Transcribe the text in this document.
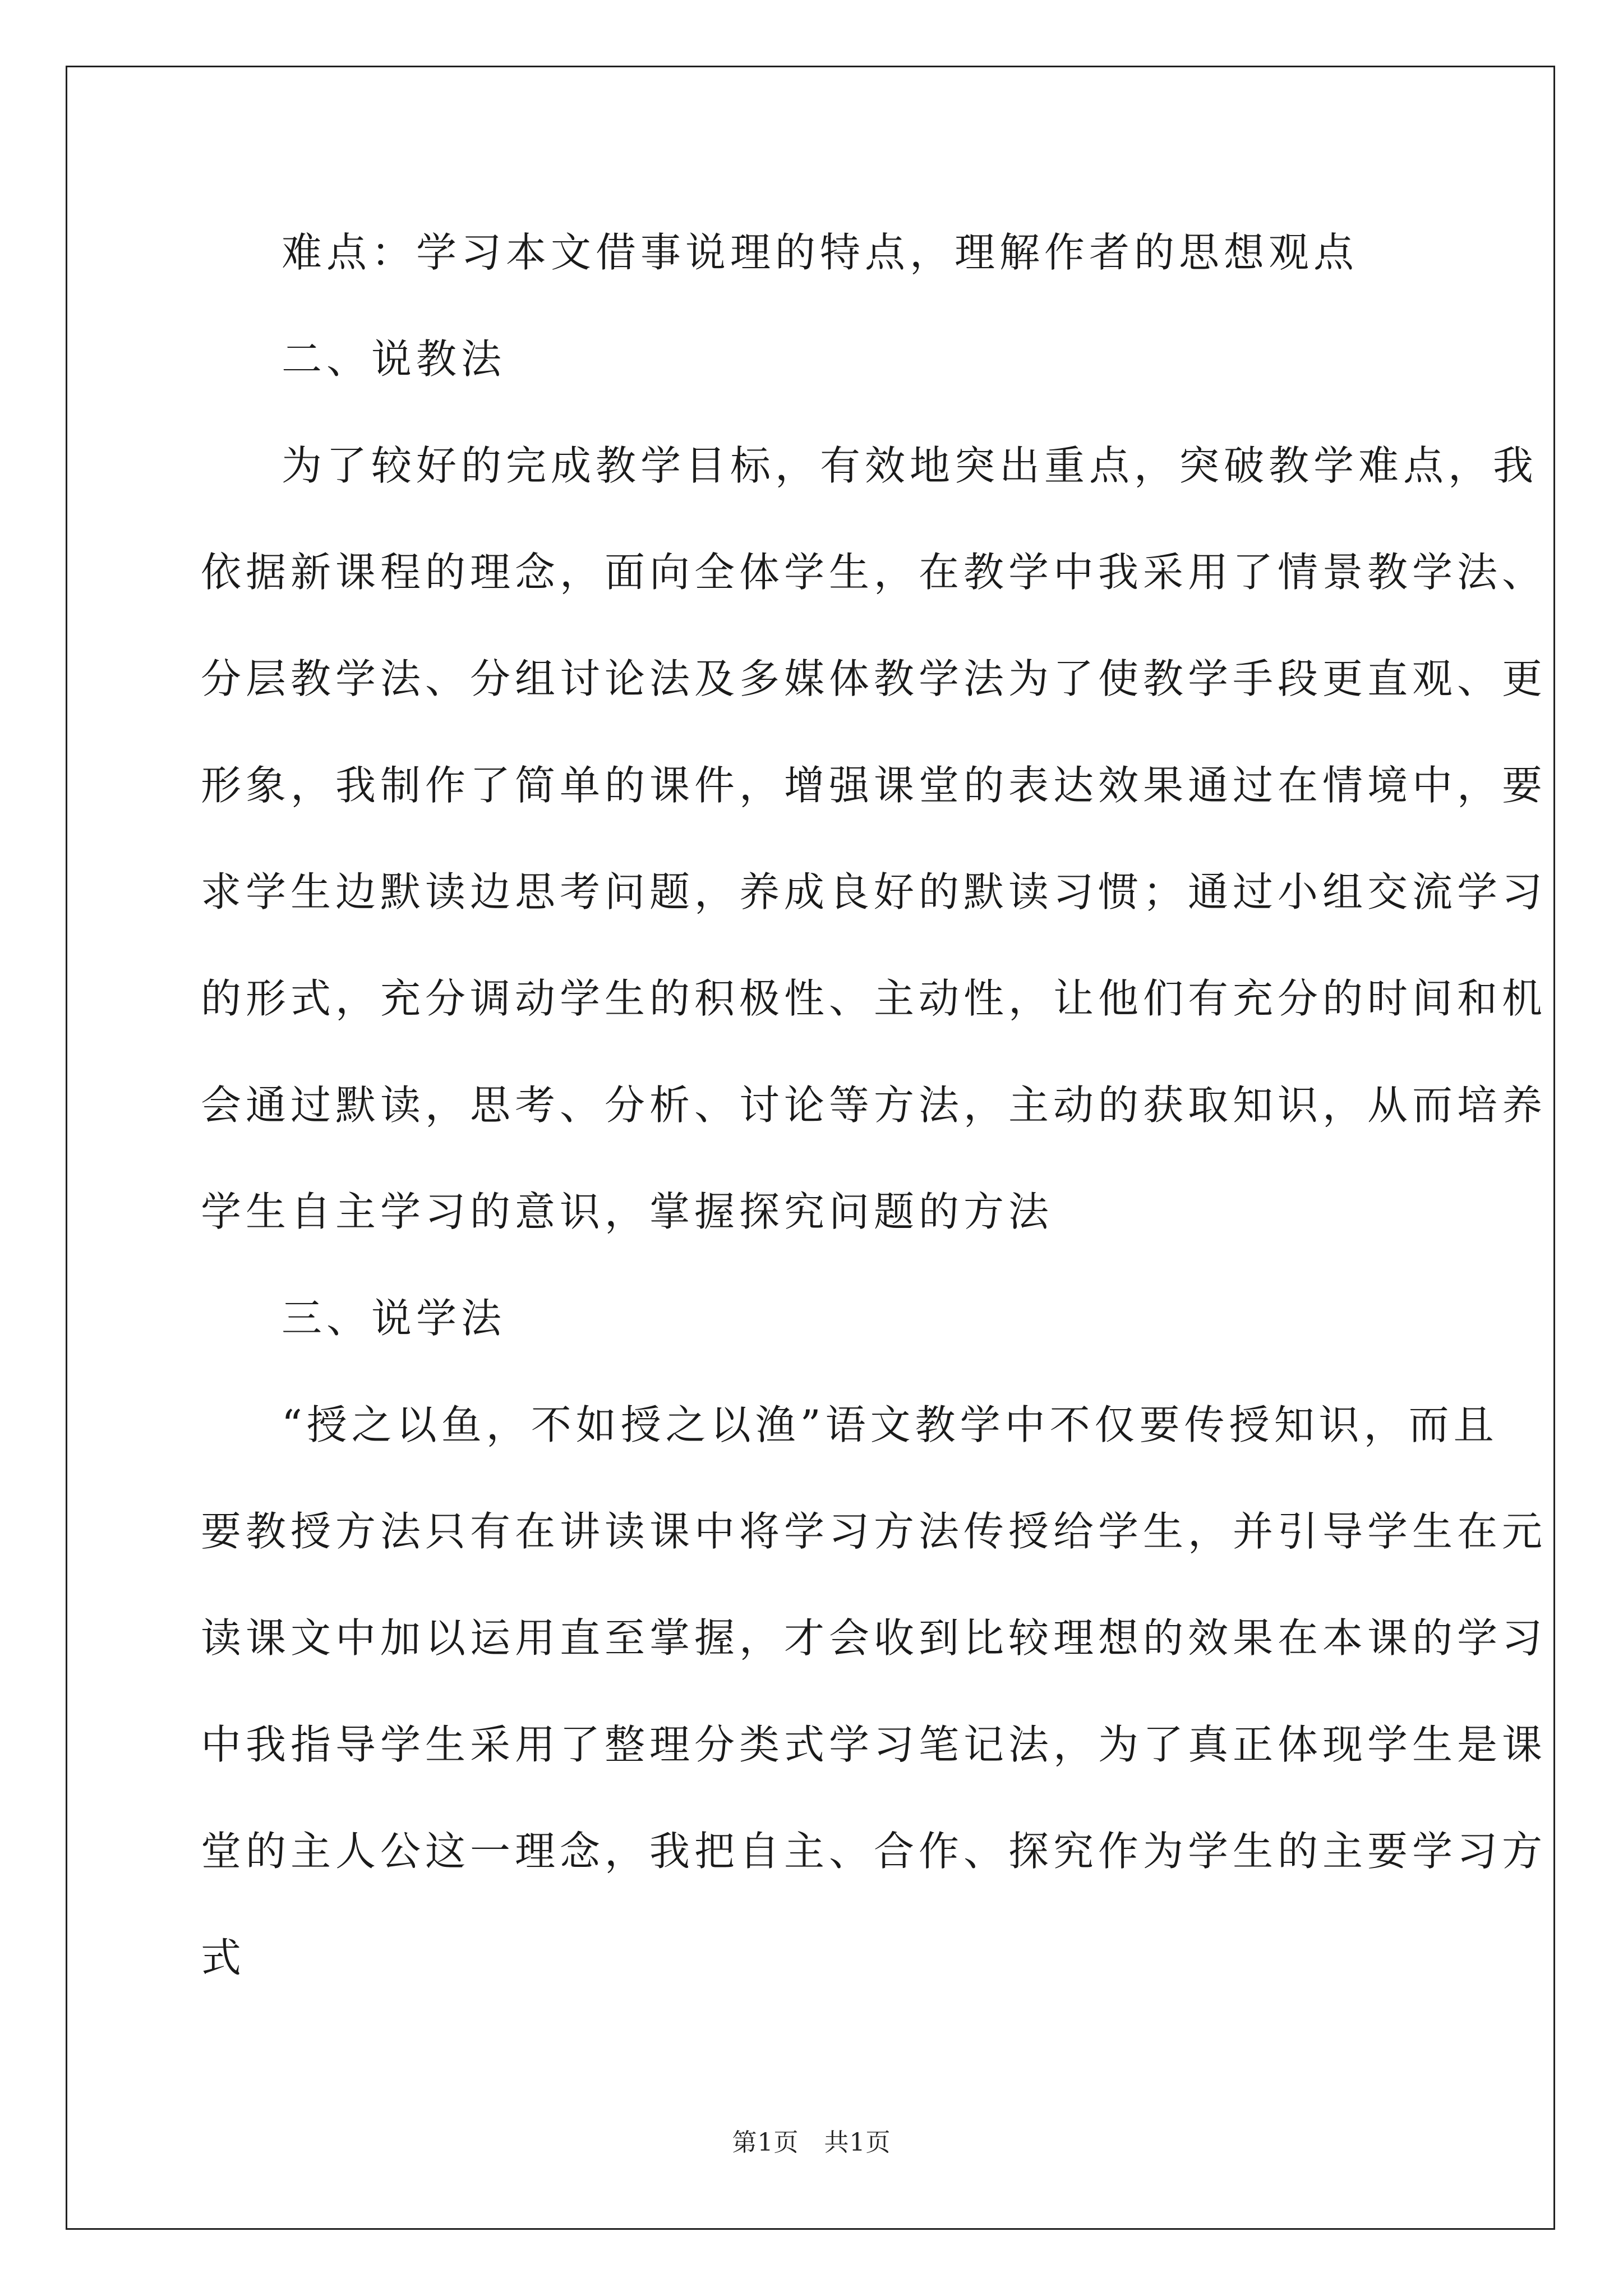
难点：学习本文借事说理的特点，理解作者的思想观点
二、说教法
为了较好的完成教学目标，有效地突出重点，突破教学难点，我
依据新课程的理念，面向全体学生，在教学中我采用了情景教学法、
分层教学法、分组讨论法及多媒体教学法为了使教学手段更直观、更
形象，我制作了简单的课件，增强课堂的表达效果通过在情境中，要
求学生边默读边思考问题，养成良好的默读习惯；通过小组交流学习
的形式，充分调动学生的积极性、主动性，让他们有充分的时间和机
会通过默读，思考、分析、讨论等方法，主动的获取知识，从而培养
学生自主学习的意识，掌握探究问题的方法
三、说学法
“授之以鱼，不如授之以渔”语文教学中不仅要传授知识，而且
要教授方法只有在讲读课中将学习方法传授给学生，并引导学生在元
读课文中加以运用直至掌握，才会收到比较理想的效果在本课的学习
中我指导学生采用了整理分类式学习笔记法，为了真正体现学生是课
堂的主人公这一理念，我把自主、合作、探究作为学生的主要学习方
式
第1页　共1页
